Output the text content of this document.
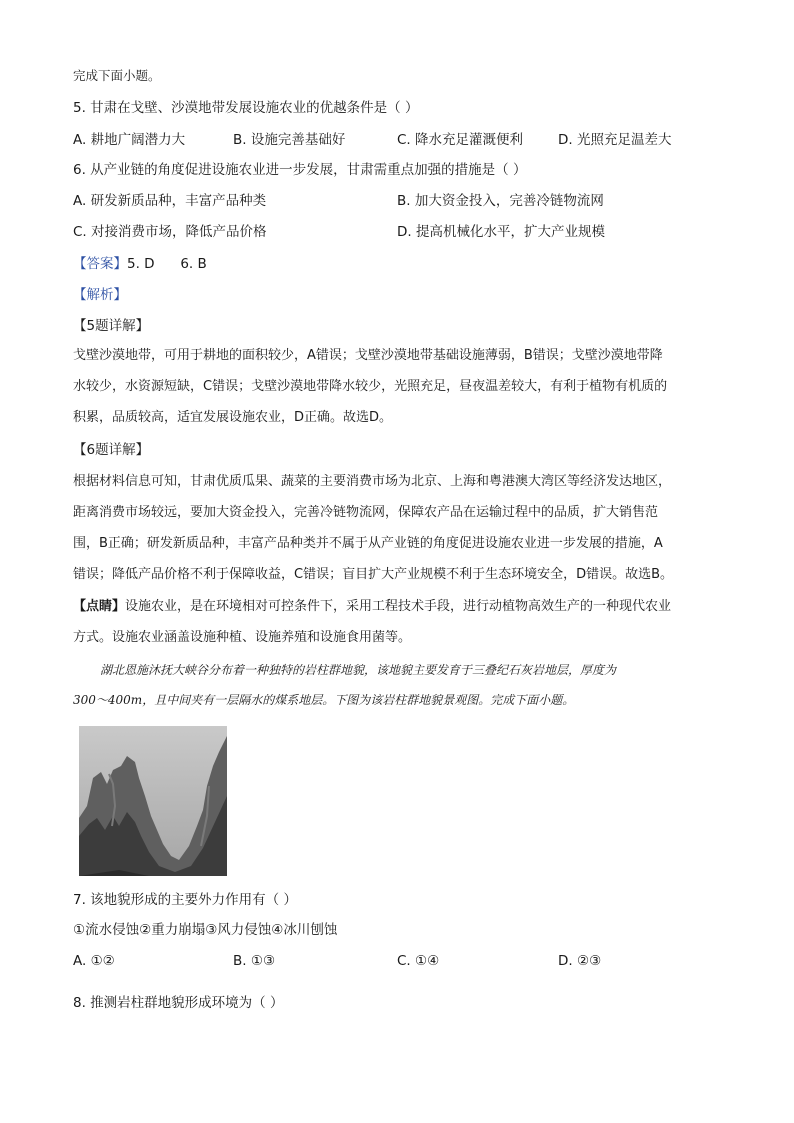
完成下面小题。
5. 甘肃在戈壁、沙漠地带发展设施农业的优越条件是（ ）
A. 耕地广阔潜力大	B. 设施完善基础好	C. 降水充足灌溉便利	D. 光照充足温差大
6. 从产业链的角度促进设施农业进一步发展，甘肃需重点加强的措施是（ ）
A. 研发新质品种，丰富产品种类	B. 加大资金投入，完善冷链物流网
C. 对接消费市场，降低产品价格	D. 提高机械化水平，扩大产业规模
【答案】5. D      6. B
【解析】
【5题详解】
戈壁沙漠地带，可用于耕地的面积较少，A错误；戈壁沙漠地带基础设施薄弱，B错误；戈壁沙漠地带降
水较少，水资源短缺，C错误；戈壁沙漠地带降水较少，光照充足，昼夜温差较大，有利于植物有机质的
积累，品质较高，适宜发展设施农业，D正确。故选D。
【6题详解】
根据材料信息可知，甘肃优质瓜果、蔬菜的主要消费市场为北京、上海和粤港澳大湾区等经济发达地区，
距离消费市场较远，要加大资金投入，完善冷链物流网，保障农产品在运输过程中的品质，扩大销售范
围，B正确；研发新质品种，丰富产品种类并不属于从产业链的角度促进设施农业进一步发展的措施，A
错误；降低产品价格不利于保障收益，C错误；盲目扩大产业规模不利于生态环境安全，D错误。故选B。
【点睛】设施农业，是在环境相对可控条件下，采用工程技术手段，进行动植物高效生产的一种现代农业
方式。设施农业涵盖设施种植、设施养殖和设施食用菌等。
湖北恩施沐抚大峡谷分布着一种独特的岩柱群地貌，该地貌主要发育于三叠纪石灰岩地层，厚度为
300～400m，且中间夹有一层隔水的煤系地层。下图为该岩柱群地貌景观图。完成下面小题。
7. 该地貌形成的主要外力作用有（ ）
①流水侵蚀②重力崩塌③风力侵蚀④冰川刨蚀
A. ①②	B. ①③	C. ①④	D. ②③
8. 推测岩柱群地貌形成环境为（ ）
